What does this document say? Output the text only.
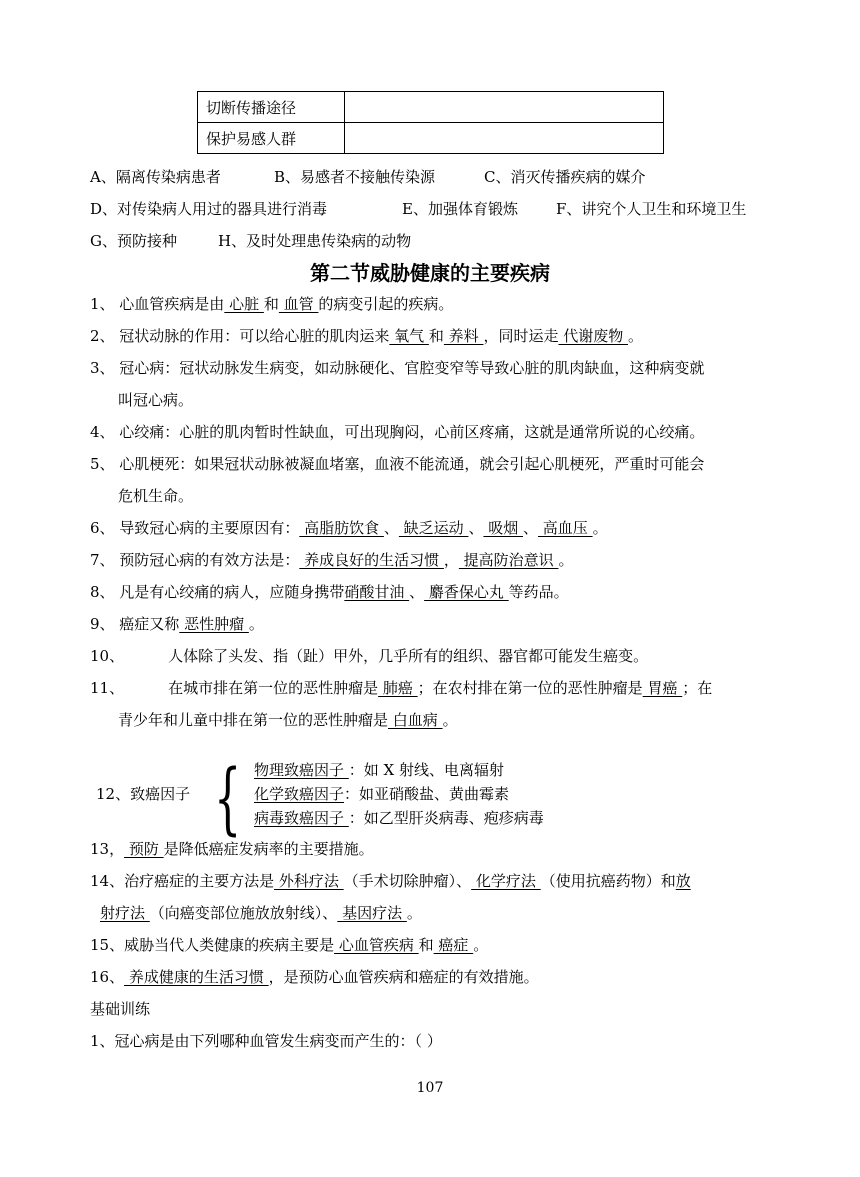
切断传播途径	
保护易感人群	
A、隔离传染病患者	B、易感者不接触传染源	C、消灭传播疾病的媒介
D、对传染病人用过的器具进行消毒	E、加强体育锻炼	F、讲究个人卫生和环境卫生
G、预防接种	H、及时处理患传染病的动物
第二节威胁健康的主要疾病
1、 心血管疾病是由 心脏 和 血管 的病变引起的疾病。
2、 冠状动脉的作用：可以给心脏的肌肉运来 氧气 和 养料 ，同时运走 代谢废物 。
3、 冠心病：冠状动脉发生病变，如动脉硬化、官腔变窄等导致心脏的肌肉缺血，这种病变就
叫冠心病。
4、 心绞痛：心脏的肌肉暂时性缺血，可出现胸闷，心前区疼痛，这就是通常所说的心绞痛。
5、 心肌梗死：如果冠状动脉被凝血堵塞，血液不能流通，就会引起心肌梗死，严重时可能会
危机生命。
6、 导致冠心病的主要原因有： 高脂肪饮食 、 缺乏运动 、 吸烟 、 高血压 。
7、 预防冠心病的有效方法是： 养成良好的生活习惯 ， 提高防治意识 。
8、 凡是有心绞痛的病人，应随身携带硝酸甘油 、 麝香保心丸 等药品。
9、 癌症又称 恶性肿瘤 。
10、	人体除了头发、指（趾）甲外，几乎所有的组织、器官都可能发生癌变。
11、	在城市排在第一位的恶性肿瘤是 肺癌 ；在农村排在第一位的恶性肿瘤是 胃癌 ；在
青少年和儿童中排在第一位的恶性肿瘤是 白血病 。
12、致癌因子 { 物理致癌因子 ：如 X 射线、电离辐射
化学致癌因子：如亚硝酸盐、黄曲霉素
病毒致癌因子 ：如乙型肝炎病毒、疱疹病毒
13， 预防 是降低癌症发病率的主要措施。
14、治疗癌症的主要方法是 外科疗法 （手术切除肿瘤）、 化学疗法 （使用抗癌药物）和放
射疗法 （向癌变部位施放放射线）、 基因疗法 。
15、威胁当代人类健康的疾病主要是 心血管疾病 和 癌症 。
16、 养成健康的生活习惯 ，是预防心血管疾病和癌症的有效措施。
基础训练
1、冠心病是由下列哪种血管发生病变而产生的：（ ）
107
